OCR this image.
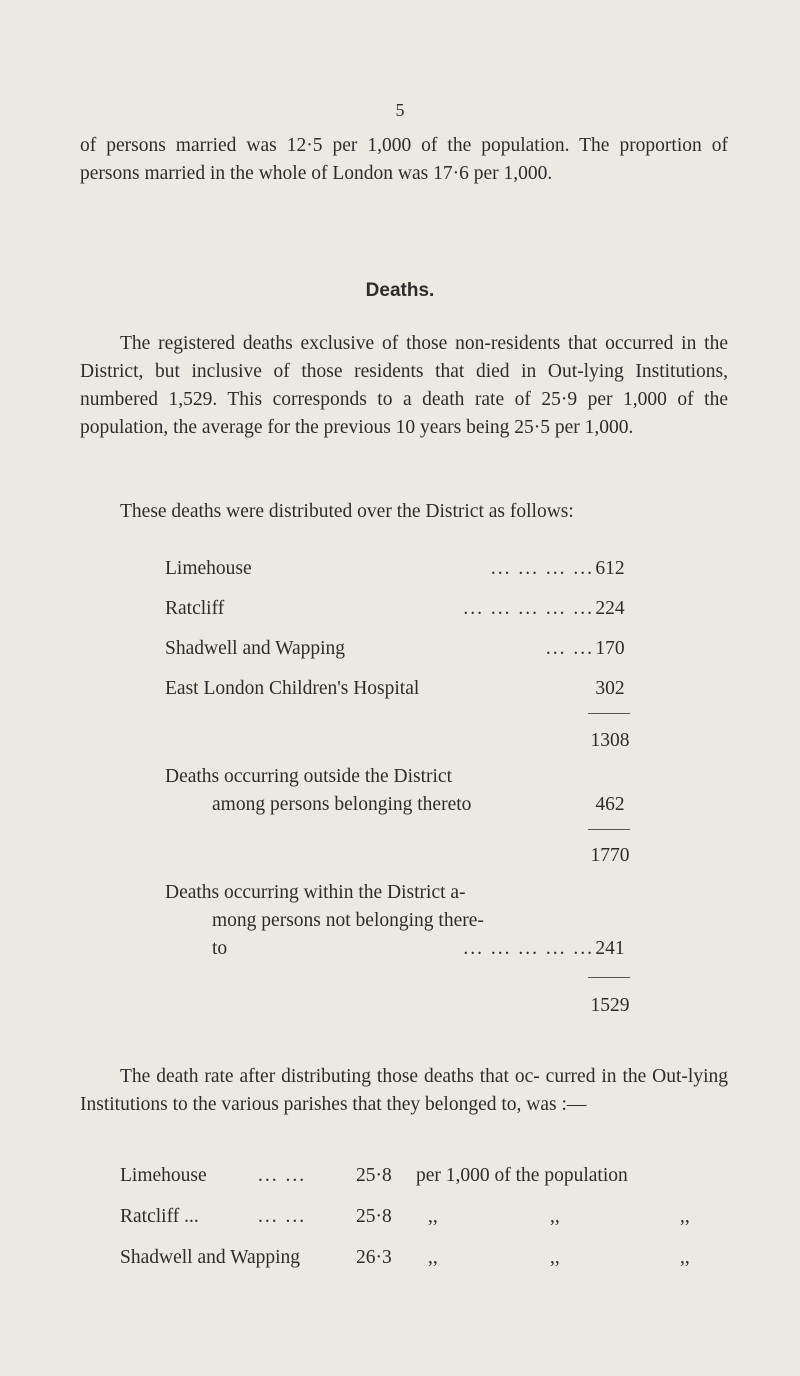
5

of persons married was 12·5 per 1,000 of the population. The proportion of persons married in the whole of London was 17·6 per 1,000.

Deaths.

The registered deaths exclusive of those non-residents that occurred in the District, but inclusive of those residents that died in Out-lying Institutions, numbered 1,529. This corresponds to a death rate of 25·9 per 1,000 of the population, the average for the previous 10 years being 25·5 per 1,000.

These deaths were distributed over the District as follows:

Limehouse	... ... ... ... 612
Ratcliff	... ... ... ... ... 224
Shadwell and Wapping	... ... 170
East London Children's Hospital	302
1308
Deaths occurring outside the District
among persons belonging thereto	462
1770
Deaths occurring within the District a-
mong persons not belonging there-
to	... ... ... ... ... 241
1529

The death rate after distributing those deaths that oc- curred in the Out-lying Institutions to the various parishes that they belonged to, was :—

Limehouse	... ...	25·8 per 1,000 of the population
Ratcliff ...	... ...	25·8 ,,	,,	,,
Shadwell and Wapping	26·3 ,,	,,	,,
